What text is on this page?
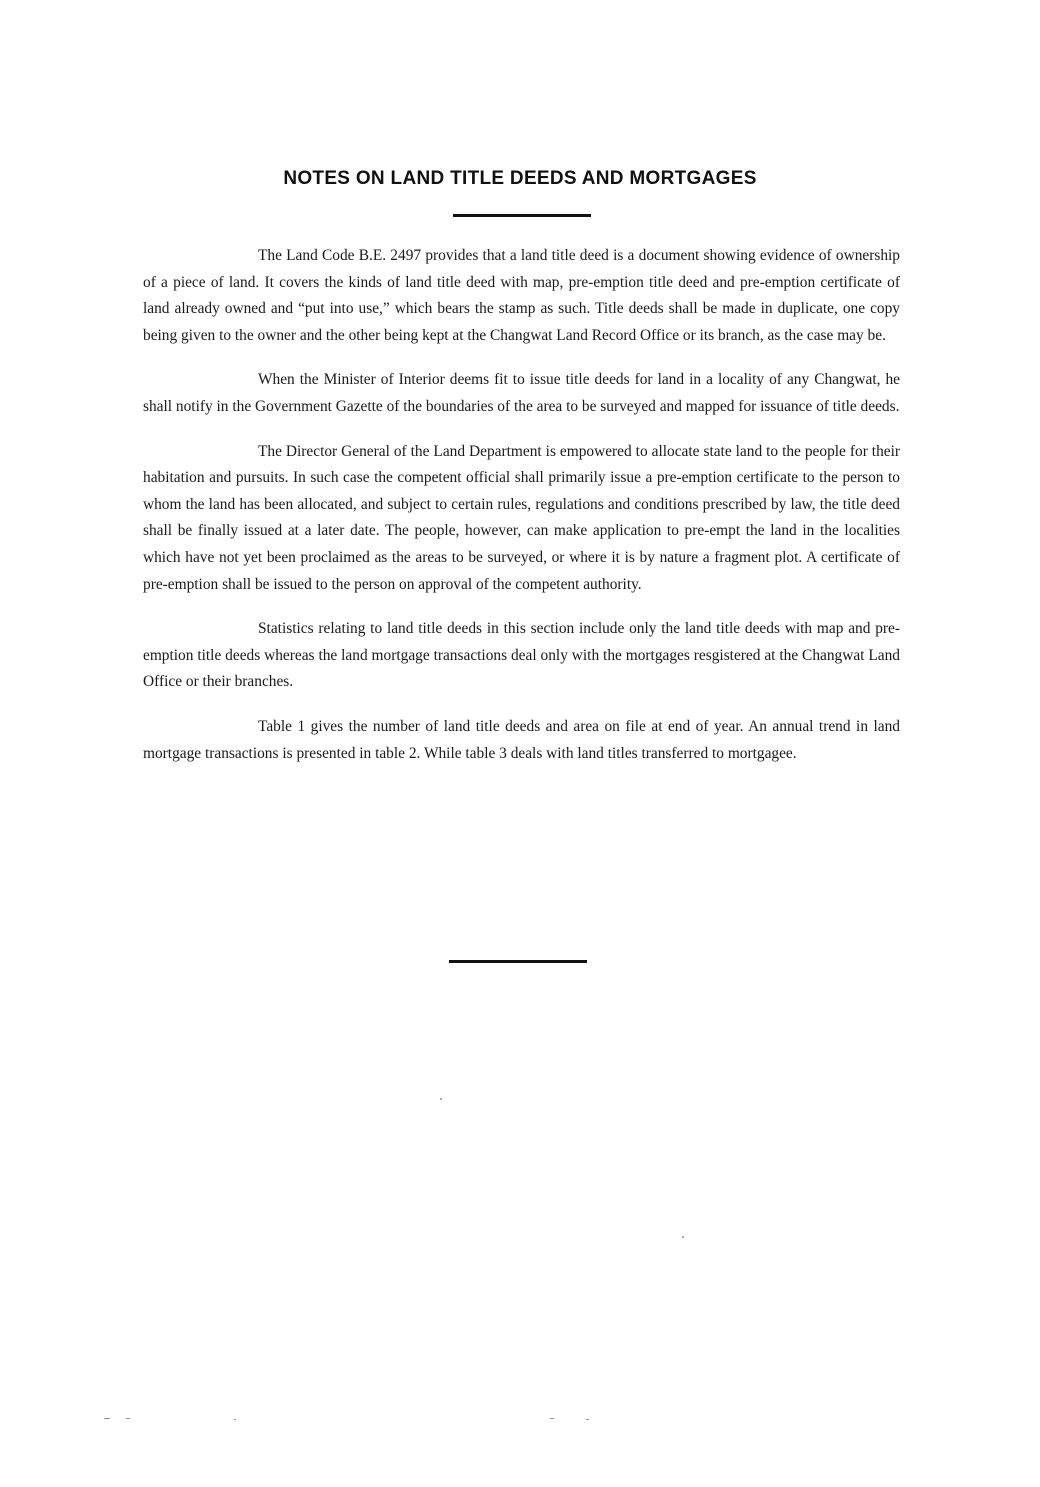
NOTES ON LAND TITLE DEEDS AND MORTGAGES

The Land Code B.E. 2497 provides that a land title deed is a document showing evidence of ownership of a piece of land. It covers the kinds of land title deed with map, pre-emption title deed and pre-emption certificate of land already owned and “put into use,” which bears the stamp as such. Title deeds shall be made in duplicate, one copy being given to the owner and the other being kept at the Changwat Land Record Office or its branch, as the case may be.

When the Minister of Interior deems fit to issue title deeds for land in a locality of any Changwat, he shall notify in the Government Gazette of the boundaries of the area to be surveyed and mapped for issuance of title deeds.

The Director General of the Land Department is empowered to allocate state land to the people for their habitation and pursuits. In such case the competent official shall primarily issue a pre-emption certificate to the person to whom the land has been allocated, and subject to certain rules, regulations and conditions prescribed by law, the title deed shall be finally issued at a later date. The people, however, can make application to pre-empt the land in the localities which have not yet been proclaimed as the areas to be surveyed, or where it is by nature a fragment plot. A certificate of pre-emption shall be issued to the person on approval of the competent authority.

Statistics relating to land title deeds in this section include only the land title deeds with map and pre-emption title deeds whereas the land mortgage transactions deal only with the mortgages resgistered at the Changwat Land Office or their branches.

Table 1 gives the number of land title deeds and area on file at end of year. An annual trend in land mortgage transactions is presented in table 2. While table 3 deals with land titles transferred to mortgagee.
